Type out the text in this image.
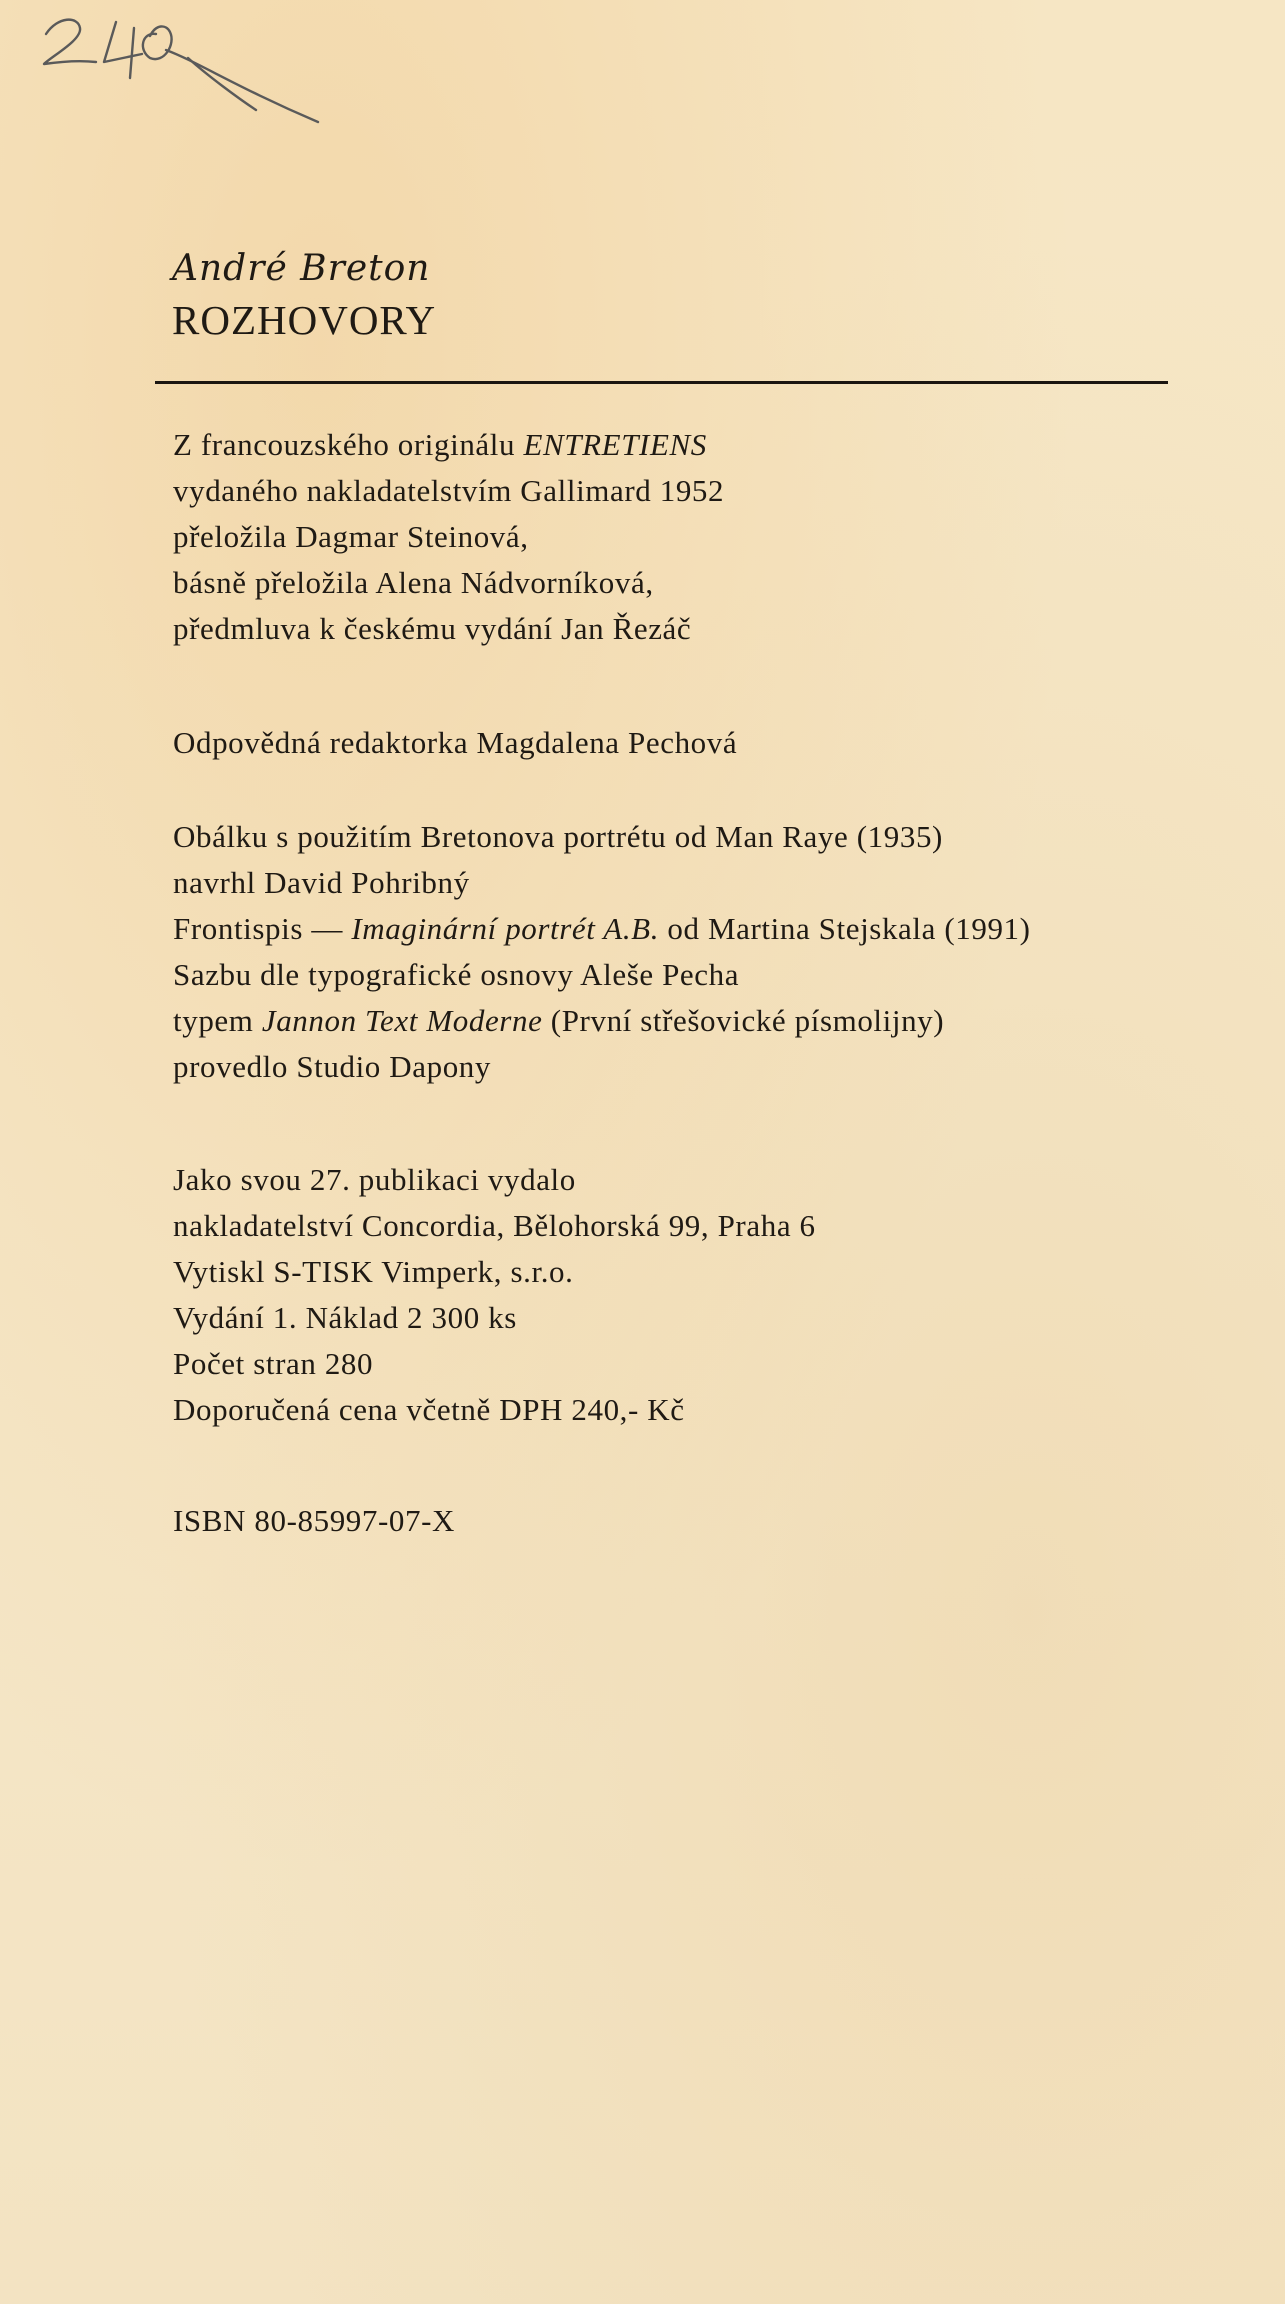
André Breton
ROZHOVORY
Z francouzského originálu ENTRETIENS
vydaného nakladatelstvím Gallimard 1952
přeložila Dagmar Steinová,
básně přeložila Alena Nádvorníková,
předmluva k českému vydání Jan Řezáč
Odpovědná redaktorka Magdalena Pechová
Obálku s použitím Bretonova portrétu od Man Raye (1935)
navrhl David Pohribný
Frontispis — Imaginární portrét A.B. od Martina Stejskala (1991)
Sazbu dle typografické osnovy Aleše Pecha
typem Jannon Text Moderne (První střešovické písmolijny)
provedlo Studio Dapony
Jako svou 27. publikaci vydalo
nakladatelství Concordia, Bělohorská 99, Praha 6
Vytiskl S-TISK Vimperk, s.r.o.
Vydání 1. Náklad 2 300 ks
Počet stran 280
Doporučená cena včetně DPH 240,- Kč
ISBN 80-85997-07-X
